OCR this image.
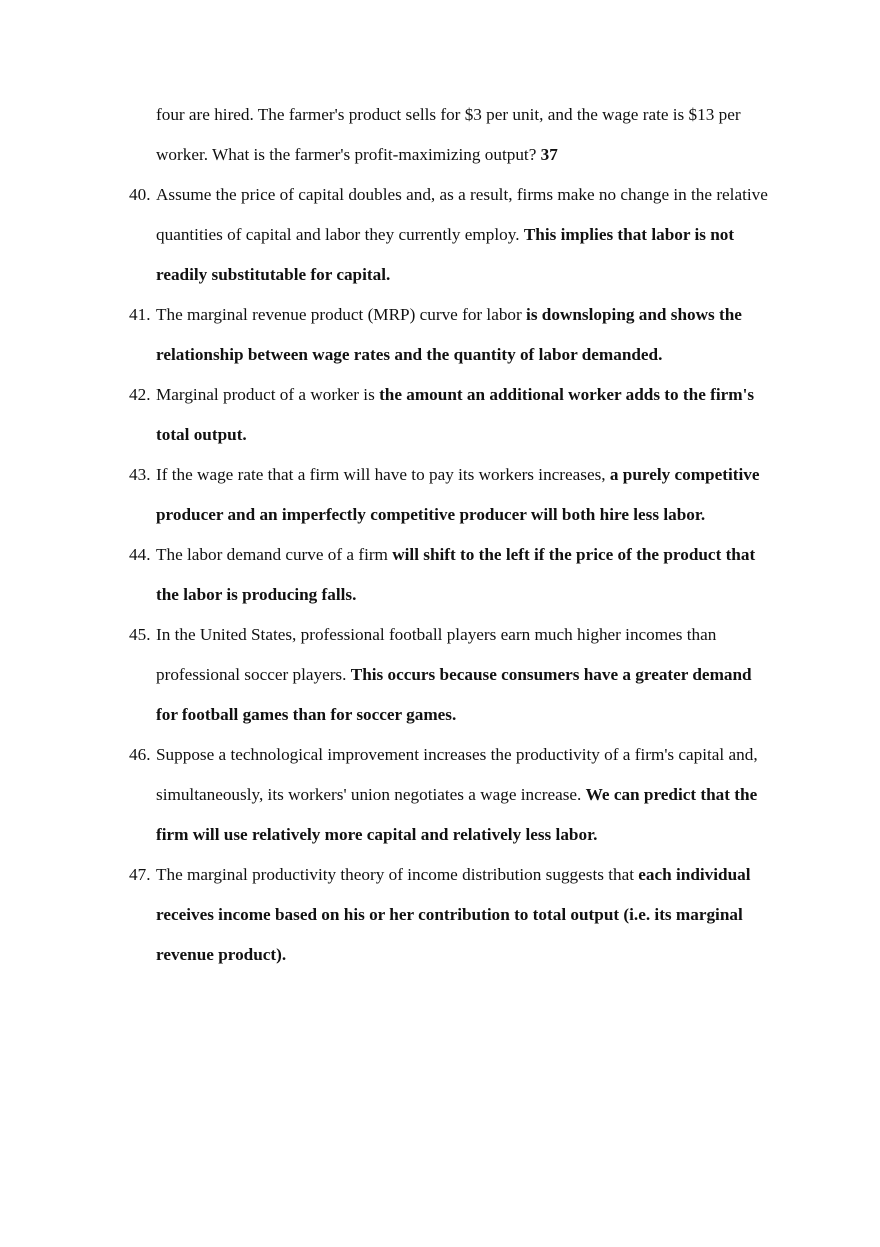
four are hired. The farmer's product sells for $3 per unit, and the wage rate is $13 per
worker. What is the farmer's profit-maximizing output? 37
40. Assume the price of capital doubles and, as a result, firms make no change in the relative
quantities of capital and labor they currently employ. This implies that labor is not
readily substitutable for capital.
41. The marginal revenue product (MRP) curve for labor is downsloping and shows the
relationship between wage rates and the quantity of labor demanded.
42. Marginal product of a worker is the amount an additional worker adds to the firm's
total output.
43. If the wage rate that a firm will have to pay its workers increases, a purely competitive
producer and an imperfectly competitive producer will both hire less labor.
44. The labor demand curve of a firm will shift to the left if the price of the product that
the labor is producing falls.
45. In the United States, professional football players earn much higher incomes than
professional soccer players. This occurs because consumers have a greater demand
for football games than for soccer games.
46. Suppose a technological improvement increases the productivity of a firm's capital and,
simultaneously, its workers' union negotiates a wage increase. We can predict that the
firm will use relatively more capital and relatively less labor.
47. The marginal productivity theory of income distribution suggests that each individual
receives income based on his or her contribution to total output (i.e. its marginal
revenue product).
